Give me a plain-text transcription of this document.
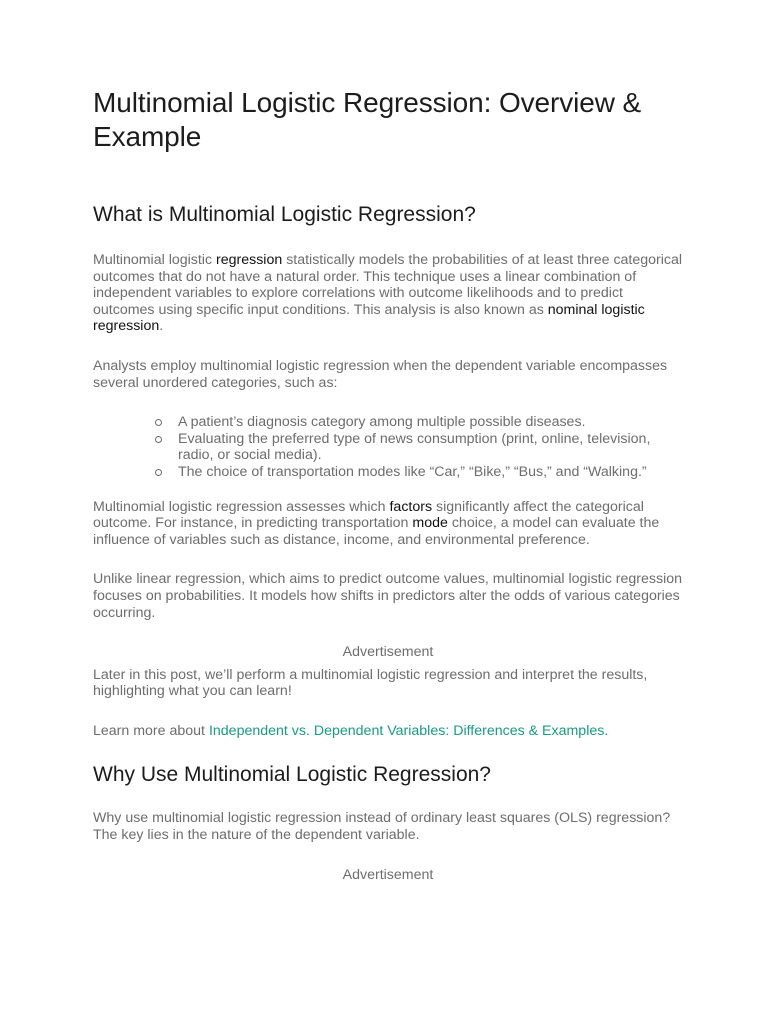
Multinomial Logistic Regression: Overview & Example
What is Multinomial Logistic Regression?

Multinomial logistic regression statistically models the probabilities of at least three categorical outcomes that do not have a natural order. This technique uses a linear combination of independent variables to explore correlations with outcome likelihoods and to predict outcomes using specific input conditions. This analysis is also known as nominal logistic regression.

Analysts employ multinomial logistic regression when the dependent variable encompasses several unordered categories, such as:

A patient’s diagnosis category among multiple possible diseases.
Evaluating the preferred type of news consumption (print, online, television, radio, or social media).
The choice of transportation modes like “Car,” “Bike,” “Bus,” and “Walking.”

Multinomial logistic regression assesses which factors significantly affect the categorical outcome. For instance, in predicting transportation mode choice, a model can evaluate the influence of variables such as distance, income, and environmental preference.

Unlike linear regression, which aims to predict outcome values, multinomial logistic regression focuses on probabilities. It models how shifts in predictors alter the odds of various categories occurring.

Advertisement

Later in this post, we’ll perform a multinomial logistic regression and interpret the results, highlighting what you can learn!

Learn more about Independent vs. Dependent Variables: Differences & Examples.

Why Use Multinomial Logistic Regression?

Why use multinomial logistic regression instead of ordinary least squares (OLS) regression? The key lies in the nature of the dependent variable.

Advertisement
